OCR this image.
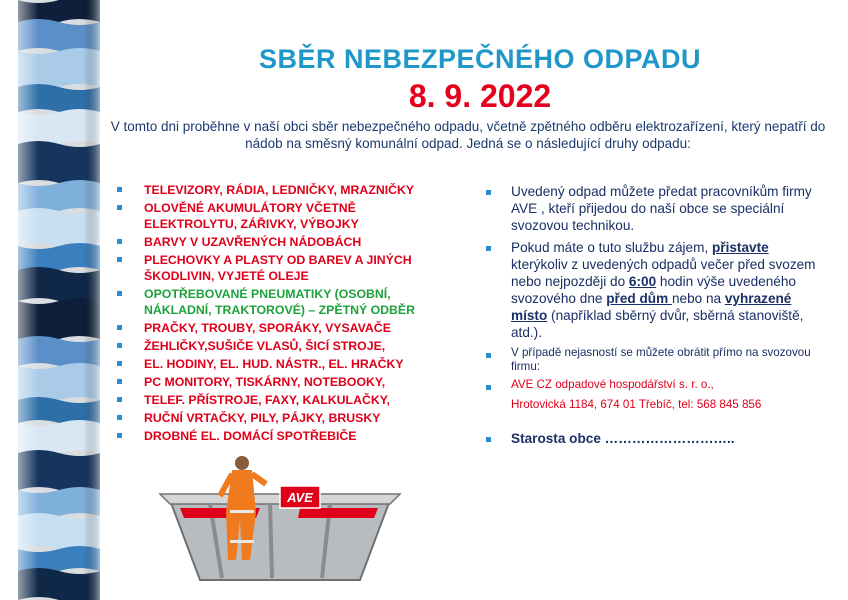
SBĚR NEBEZPEČNÉHO ODPADU
8. 9. 2022
V tomto dni proběhne v naší obci sběr nebezpečného odpadu, včetně zpětného odběru elektrozařízení, který nepatří do nádob na směsný komunální odpad. Jedná se o následující druhy odpadu:
TELEVIZORY, RÁDIA, LEDNIČKY, MRAZNIČKY
OLOVĚNÉ AKUMULÁTORY VČETNĚ ELEKTROLYTU, ZÁŘIVKY, VÝBOJKY
BARVY V UZAVŘENÝCH NÁDOBÁCH
PLECHOVKY A PLASTY OD BAREV A JINÝCH ŠKODLIVIN, VYJETÉ OLEJE
OPOTŘEBOVANÉ PNEUMATIKY (OSOBNÍ, NÁKLADNÍ, TRAKTOROVÉ) – ZPĚTNÝ ODBĚR
PRAČKY, TROUBY, SPORÁKY, VYSAVAČE
ŽEHLIČKY,SUŠIČE VLASŮ, ŠICÍ STROJE,
EL. HODINY, EL. HUD. NÁSTR., EL. HRAČKY
PC MONITORY, TISKÁRNY, NOTEBOOKY,
TELEF. PŘÍSTROJE, FAXY, KALKULAČKY,
RUČNÍ VRTAČKY, PILY, PÁJKY, BRUSKY
DROBNÉ EL. DOMÁCÍ SPOTŘEBIČE
Uvedený odpad můžete předat pracovníkům firmy AVE , kteří přijedou do naší obce se speciální svozovou technikou.
Pokud máte o tuto službu zájem, přistavte kterýkoliv z uvedených odpadů večer před svozem nebo nejpozději do 6:00 hodin výše uvedeného svozového dne před dům nebo na vyhrazené místo (například sběrný dvůr, sběrná stanoviště, atd.).
V případě nejasností se můžete obrátit přímo na svozovou firmu:
AVE CZ odpadové hospodářství s. r. o.,
Hrotovická 1184, 674 01 Třebíč, tel: 568 845 856
Starosta obce ………………………..
AVE
